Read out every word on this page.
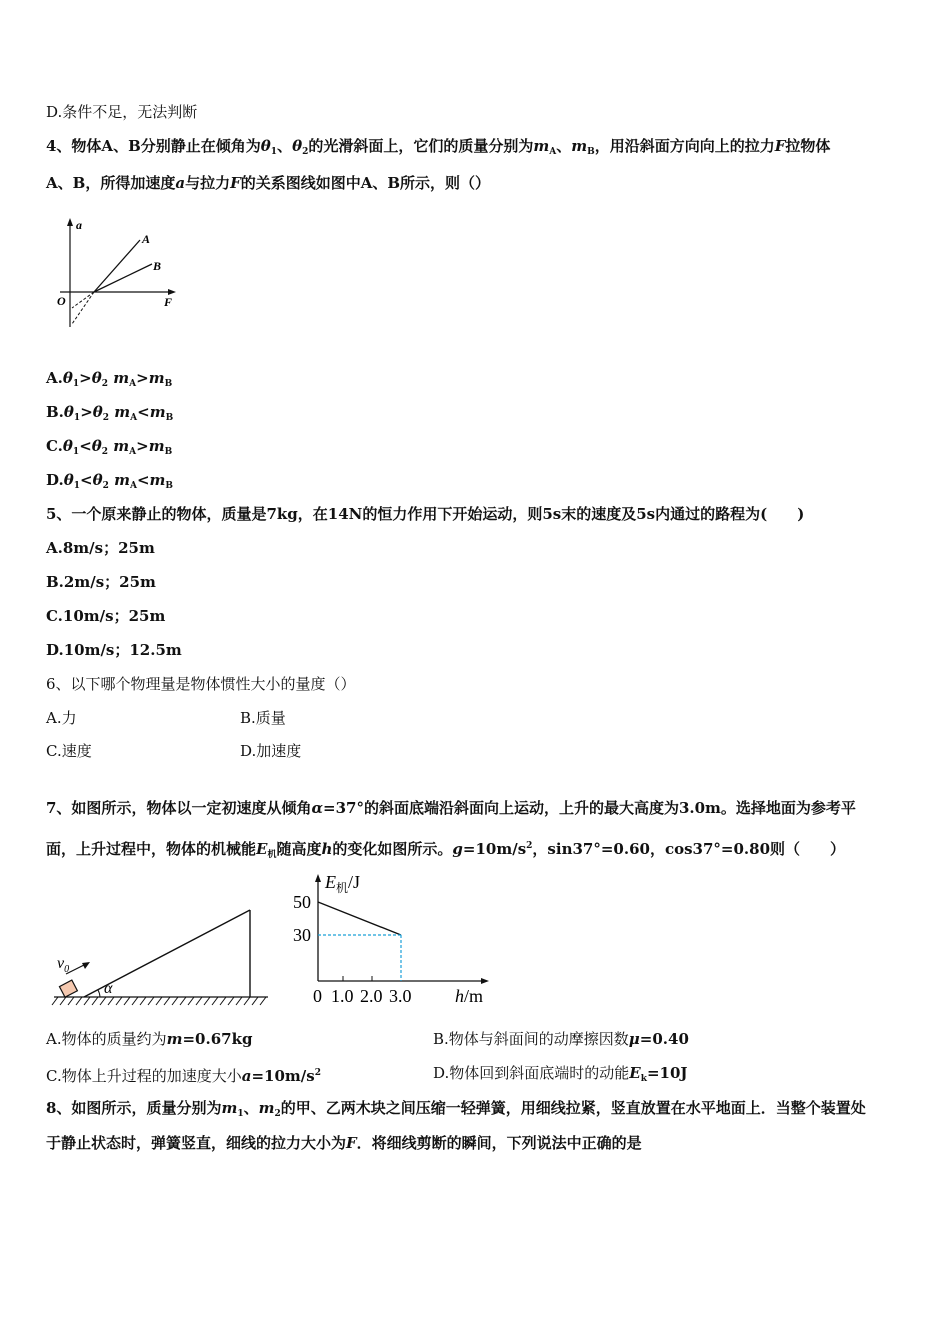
D.条件不足，无法判断
4、物体A、B分别静止在倾角为$\theta_1$、$\theta_2$的光滑斜面上，它们的质量分别为$m_A$、$m_B$，用沿斜面方向向上的拉力F拉物体
A、B，所得加速度a与拉力F的关系图线如图中A、B所示，则（）
a
F
O
A
B
$A.\theta_1>\theta_2$ $m_A>m_B$
$B.\theta_1>\theta_2$ $m_A<m_B$
$C.\theta_1<\theta_2$ $m_A>m_B$
$D.\theta_1<\theta_2$ $m_A<m_B$
5、一个原来静止的物体，质量是7kg，在14N的恒力作用下开始运动，则5s末的速度及5s内通过的路程为(　　)
A.8m/s；25m
B.2m/s；25m
C.10m/s；25m
D.10m/s；12.5m
6、以下哪个物理量是物体惯性大小的量度（）
A.力	B.质量
C.速度	D.加速度
7、如图所示，物体以一定初速度从倾角α=37°的斜面底端沿斜面向上运动，上升的最大高度为3.0m。选择地面为参考平
面，上升过程中，物体的机械能$E_机$随高度h的变化如图所示。$g=10m/s^2$，sin37°=0.60，cos37°=0.80则（　　）
$v_0$
α
$E_机/J$
50
30
0 1.0 2.0 3.0 h/m
A.物体的质量约为m=0.67kg	B.物体与斜面间的动摩擦因数μ=0.40
C.物体上升过程的加速度大小$a=10m/s^2$	D.物体回到斜面底端时的动能$E_k=10J$
8、如图所示，质量分别为$m_1$、$m_2$的甲、乙两木块之间压缩一轻弹簧，用细线拉紧，竖直放置在水平地面上．当整个装置处
于静止状态时，弹簧竖直，细线的拉力大小为F．将细线剪断的瞬间，下列说法中正确的是
